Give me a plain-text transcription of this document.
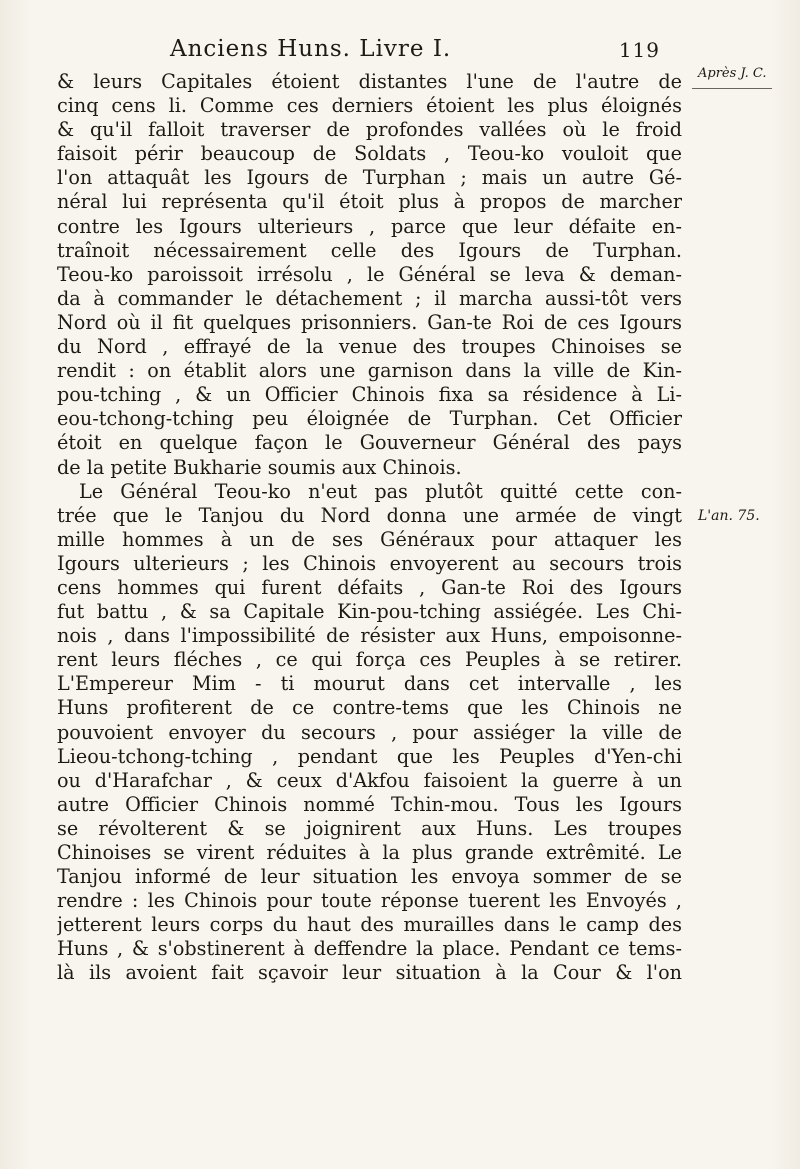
Anciens Huns. Livre I.	119
Après J. C.
L'an. 75.
& leurs Capitales étoient distantes l'une de l'autre de
cinq cens li. Comme ces derniers étoient les plus éloignés
& qu'il falloit traverser de profondes vallées où le froid
faisoit périr beaucoup de Soldats , Teou-ko vouloit que
l'on attaquât les Igours de Turphan ; mais un autre Gé-
néral lui représenta qu'il étoit plus à propos de marcher
contre les Igours ulterieurs , parce que leur défaite en-
traînoit nécessairement celle des Igours de Turphan.
Teou-ko paroissoit irrésolu , le Général se leva & deman-
da à commander le détachement ; il marcha aussi-tôt vers
Nord où il fit quelques prisonniers. Gan-te Roi de ces Igours
du Nord , effrayé de la venue des troupes Chinoises se
rendit : on établit alors une garnison dans la ville de Kin-
pou-tching , & un Officier Chinois fixa sa résidence à Li-
eou-tchong-tching peu éloignée de Turphan. Cet Officier
étoit en quelque façon le Gouverneur Général des pays
de la petite Bukharie soumis aux Chinois.
Le Général Teou-ko n'eut pas plutôt quitté cette con-
trée que le Tanjou du Nord donna une armée de vingt
mille hommes à un de ses Généraux pour attaquer les
Igours ulterieurs ; les Chinois envoyerent au secours trois
cens hommes qui furent défaits , Gan-te Roi des Igours
fut battu , & sa Capitale Kin-pou-tching assiégée. Les Chi-
nois , dans l'impossibilité de résister aux Huns, empoisonne-
rent leurs fléches , ce qui força ces Peuples à se retirer.
L'Empereur Mim - ti mourut dans cet intervalle , les
Huns profiterent de ce contre-tems que les Chinois ne
pouvoient envoyer du secours , pour assiéger la ville de
Lieou-tchong-tching , pendant que les Peuples d'Yen-chi
ou d'Harafchar , & ceux d'Akfou faisoient la guerre à un
autre Officier Chinois nommé Tchin-mou. Tous les Igours
se révolterent & se joignirent aux Huns. Les troupes
Chinoises se virent réduites à la plus grande extrêmité. Le
Tanjou informé de leur situation les envoya sommer de se
rendre : les Chinois pour toute réponse tuerent les Envoyés ,
jetterent leurs corps du haut des murailles dans le camp des
Huns , & s'obstinerent à deffendre la place. Pendant ce tems-
là ils avoient fait sçavoir leur situation à la Cour & l'on
